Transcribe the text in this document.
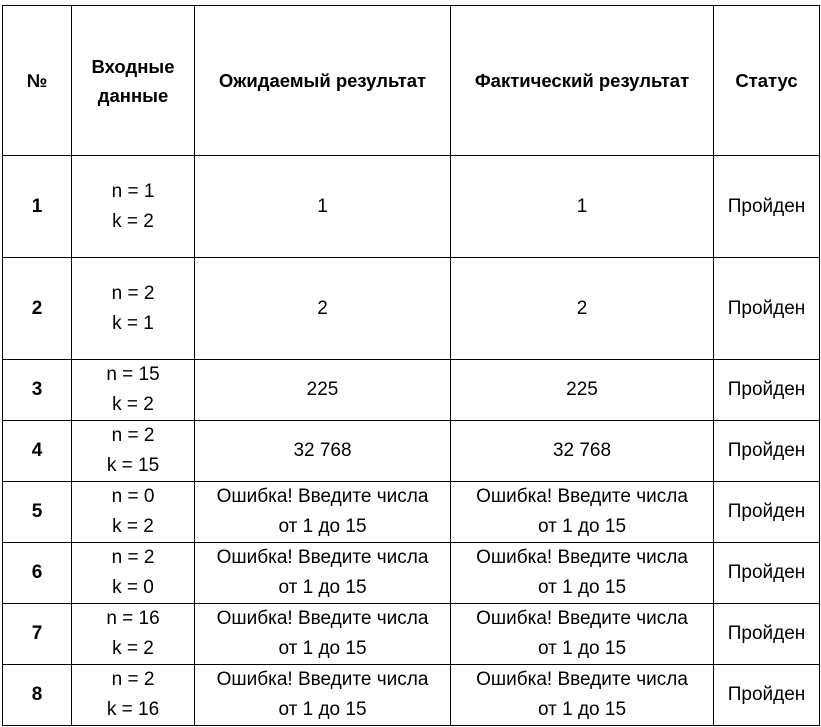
№	Входные
данные	Ожидаемый результат	Фактический результат	Статус
1	n = 1
k = 2	1	1	Пройден
2	n = 2
k = 1	2	2	Пройден
3	n = 15
k = 2	225	225	Пройден
4	n = 2
k = 15	32 768	32 768	Пройден
5	n = 0
k = 2	Ошибка! Введите числа
от 1 до 15	Ошибка! Введите числа
от 1 до 15	Пройден
6	n = 2
k = 0	Ошибка! Введите числа
от 1 до 15	Ошибка! Введите числа
от 1 до 15	Пройден
7	n = 16
k = 2	Ошибка! Введите числа
от 1 до 15	Ошибка! Введите числа
от 1 до 15	Пройден
8	n = 2
k = 16	Ошибка! Введите числа
от 1 до 15	Ошибка! Введите числа
от 1 до 15	Пройден
